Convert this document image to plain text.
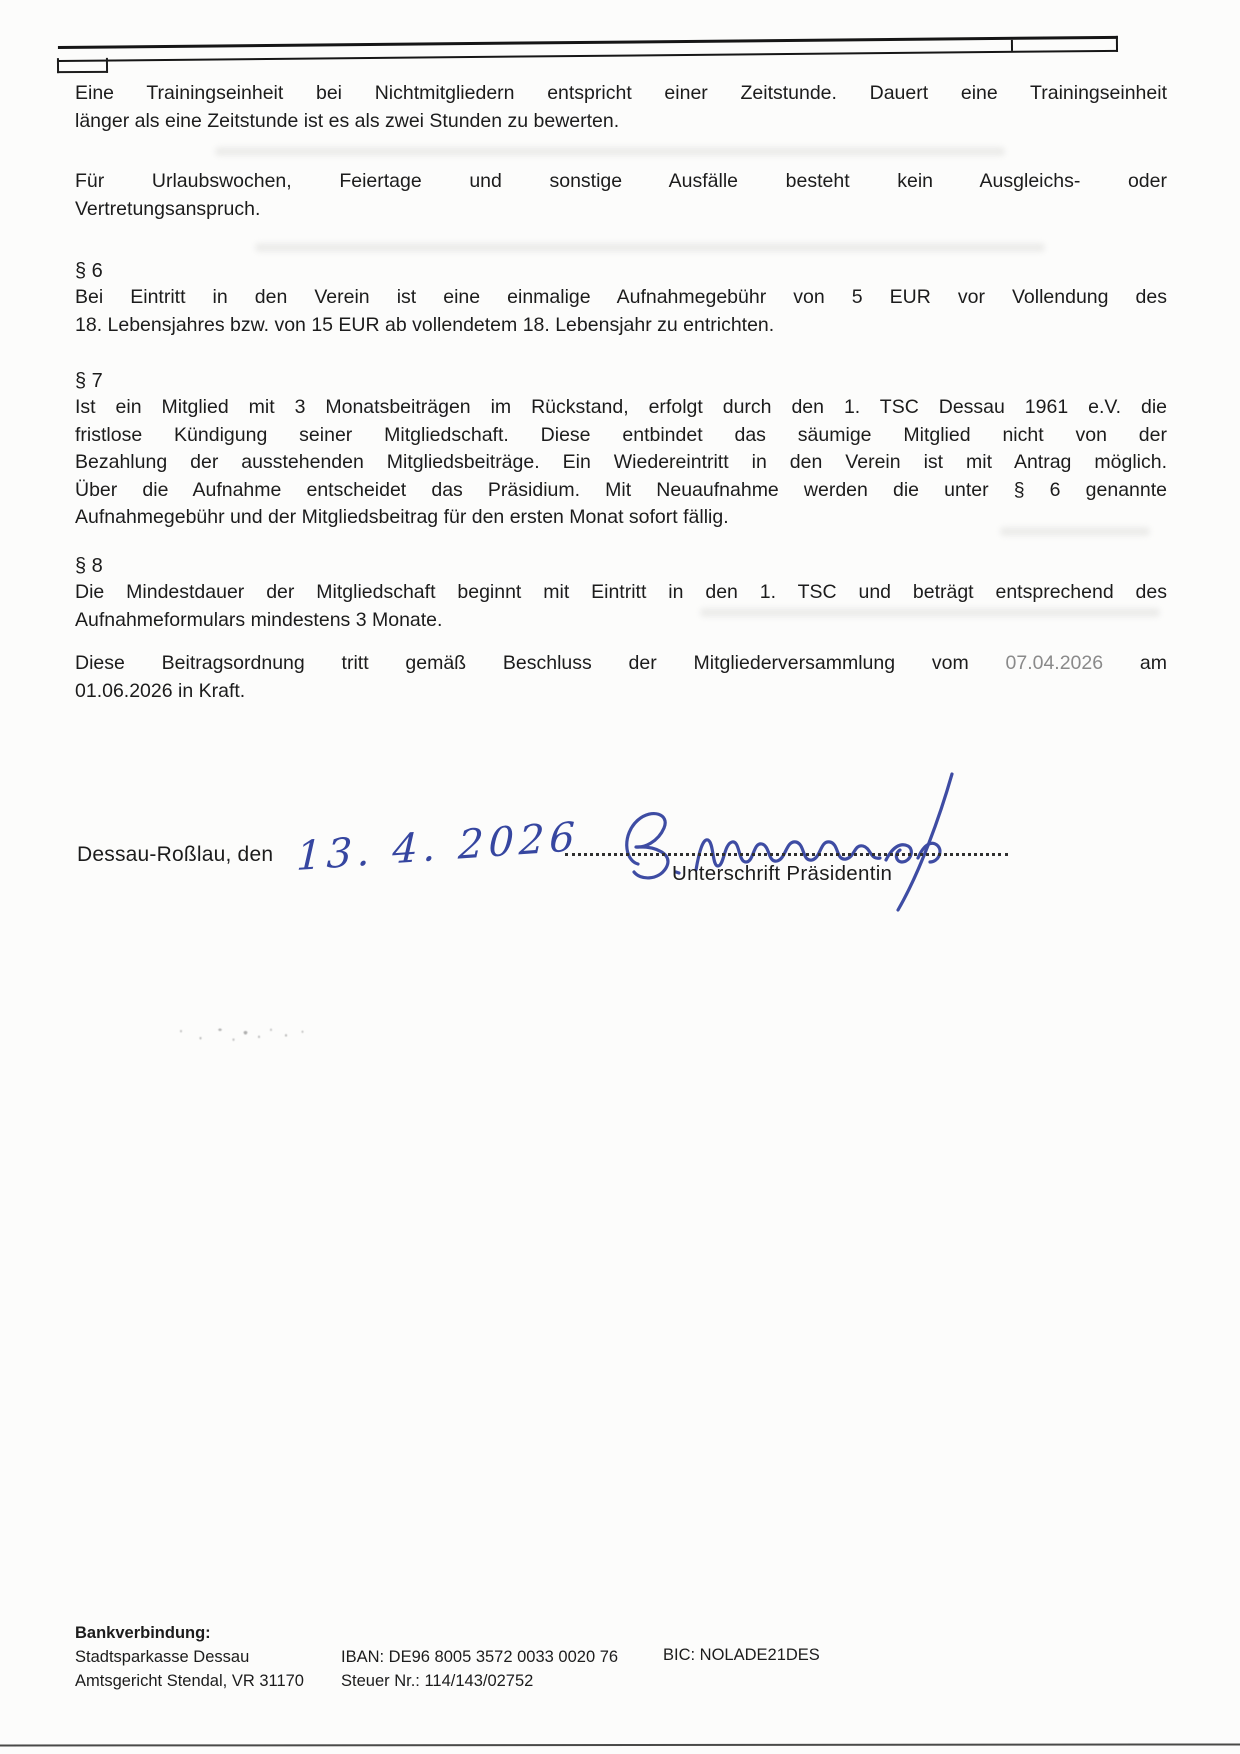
Eine Trainingseinheit bei Nichtmitgliedern entspricht einer Zeitstunde. Dauert eine Trainingseinheit
länger als eine Zeitstunde ist es als zwei Stunden zu bewerten.
Für Urlaubswochen, Feiertage und sonstige Ausfälle besteht kein Ausgleichs- oder
Vertretungsanspruch.
§ 6
Bei Eintritt in den Verein ist eine einmalige Aufnahmegebühr von 5 EUR vor Vollendung des
18. Lebensjahres bzw. von 15 EUR ab vollendetem 18. Lebensjahr zu entrichten.
§ 7
Ist ein Mitglied mit 3 Monatsbeiträgen im Rückstand, erfolgt durch den 1. TSC Dessau 1961 e.V. die
fristlose Kündigung seiner Mitgliedschaft. Diese entbindet das säumige Mitglied nicht von der
Bezahlung der ausstehenden Mitgliedsbeiträge. Ein Wiedereintritt in den Verein ist mit Antrag möglich.
Über die Aufnahme entscheidet das Präsidium. Mit Neuaufnahme werden die unter § 6 genannte
Aufnahmegebühr und der Mitgliedsbeitrag für den ersten Monat sofort fällig.
§ 8
Die Mindestdauer der Mitgliedschaft beginnt mit Eintritt in den 1. TSC und beträgt entsprechend des
Aufnahmeformulars mindestens 3 Monate.
Diese Beitragsordnung tritt gemäß Beschluss der Mitgliederversammlung vom 07.04.2026 am
01.06.2026 in Kraft.
Dessau-Roßlau, den 13. 4. 2026	Unterschrift Präsidentin
Bankverbindung:
Stadtsparkasse Dessau
Amtsgericht Stendal, VR 31170
IBAN: DE96 8005 3572 0033 0020 76
Steuer Nr.: 114/143/02752
BIC: NOLADE21DES
